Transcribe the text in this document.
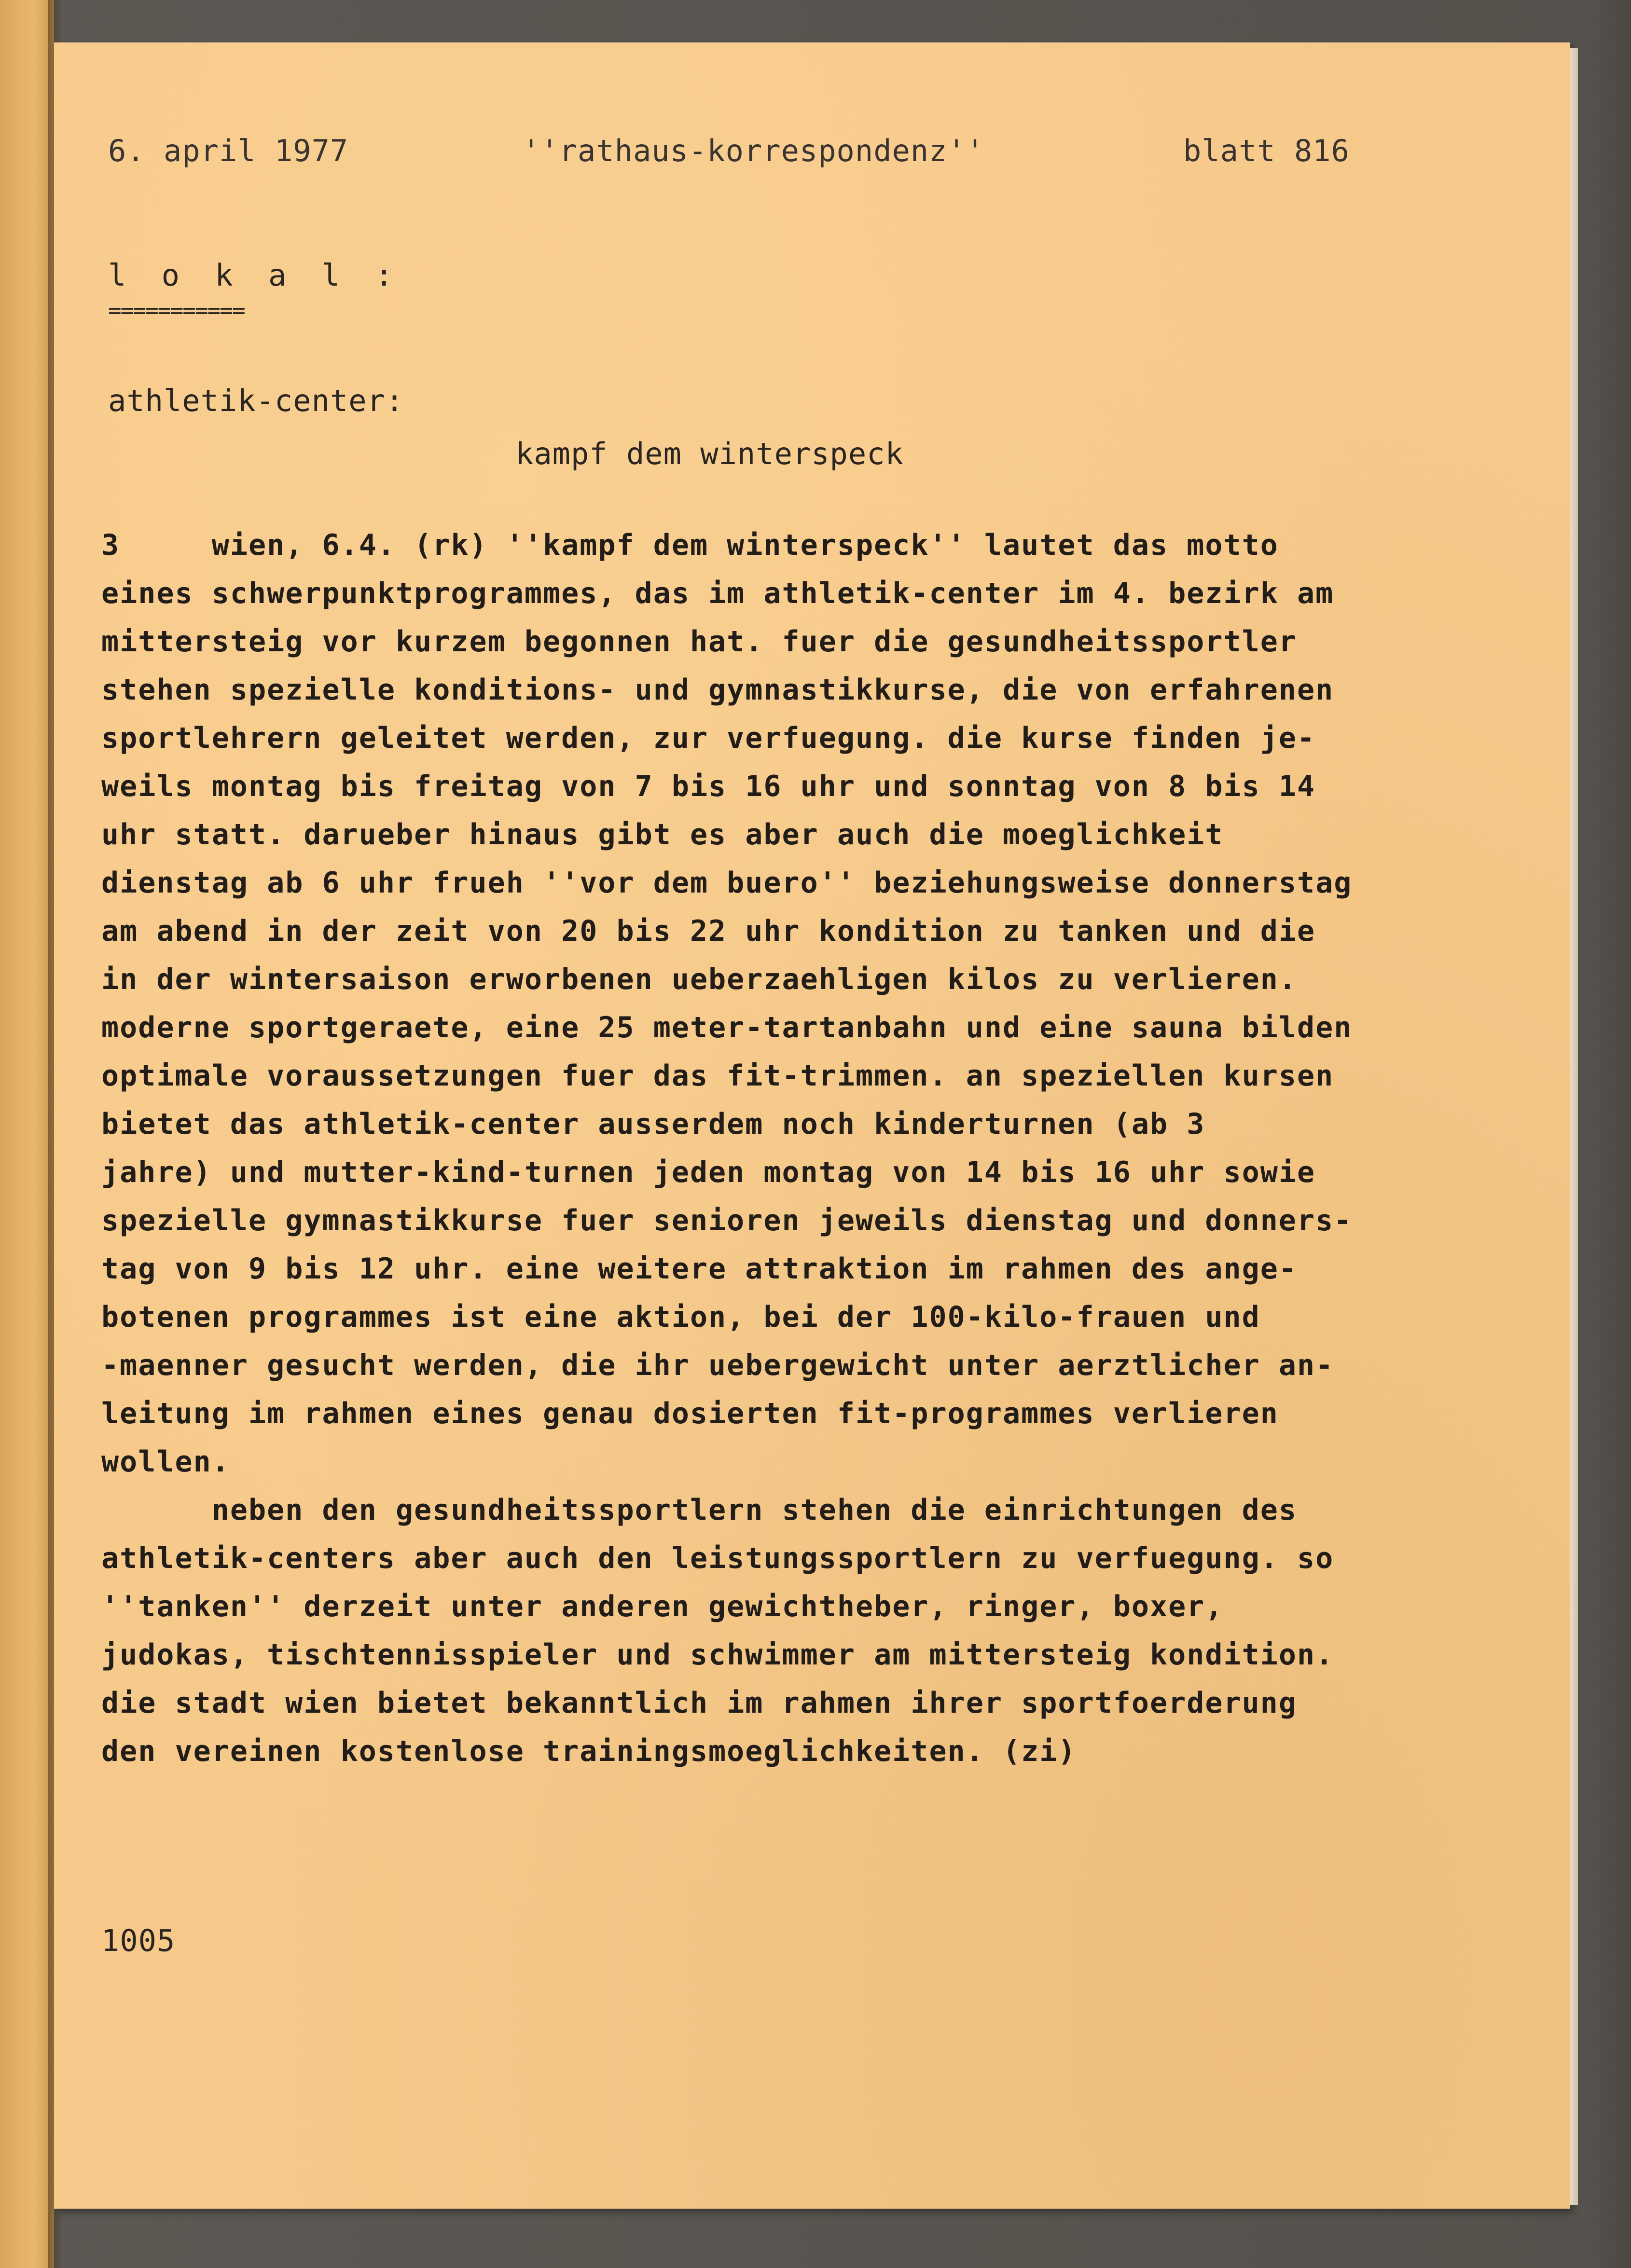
6. april 1977	''rathaus-korrespondenz''	blatt 816
l o k a l :
===========
athletik-center:
kampf dem winterspeck
3     wien, 6.4. (rk) ''kampf dem winterspeck'' lautet das motto
eines schwerpunktprogrammes, das im athletik-center im 4. bezirk am
mittersteig vor kurzem begonnen hat. fuer die gesundheitssportler
stehen spezielle konditions- und gymnastikkurse, die von erfahrenen
sportlehrern geleitet werden, zur verfuegung. die kurse finden je-
weils montag bis freitag von 7 bis 16 uhr und sonntag von 8 bis 14
uhr statt. darueber hinaus gibt es aber auch die moeglichkeit
dienstag ab 6 uhr frueh ''vor dem buero'' beziehungsweise donnerstag
am abend in der zeit von 20 bis 22 uhr kondition zu tanken und die
in der wintersaison erworbenen ueberzaehligen kilos zu verlieren.
moderne sportgeraete, eine 25 meter-tartanbahn und eine sauna bilden
optimale voraussetzungen fuer das fit-trimmen. an speziellen kursen
bietet das athletik-center ausserdem noch kinderturnen (ab 3
jahre) und mutter-kind-turnen jeden montag von 14 bis 16 uhr sowie
spezielle gymnastikkurse fuer senioren jeweils dienstag und donners-
tag von 9 bis 12 uhr. eine weitere attraktion im rahmen des ange-
botenen programmes ist eine aktion, bei der 100-kilo-frauen und
-maenner gesucht werden, die ihr uebergewicht unter aerztlicher an-
leitung im rahmen eines genau dosierten fit-programmes verlieren
wollen.
neben den gesundheitssportlern stehen die einrichtungen des
athletik-centers aber auch den leistungssportlern zu verfuegung. so
''tanken'' derzeit unter anderen gewichtheber, ringer, boxer,
judokas, tischtennisspieler und schwimmer am mittersteig kondition.
die stadt wien bietet bekanntlich im rahmen ihrer sportfoerderung
den vereinen kostenlose trainingsmoeglichkeiten. (zi)
1005
